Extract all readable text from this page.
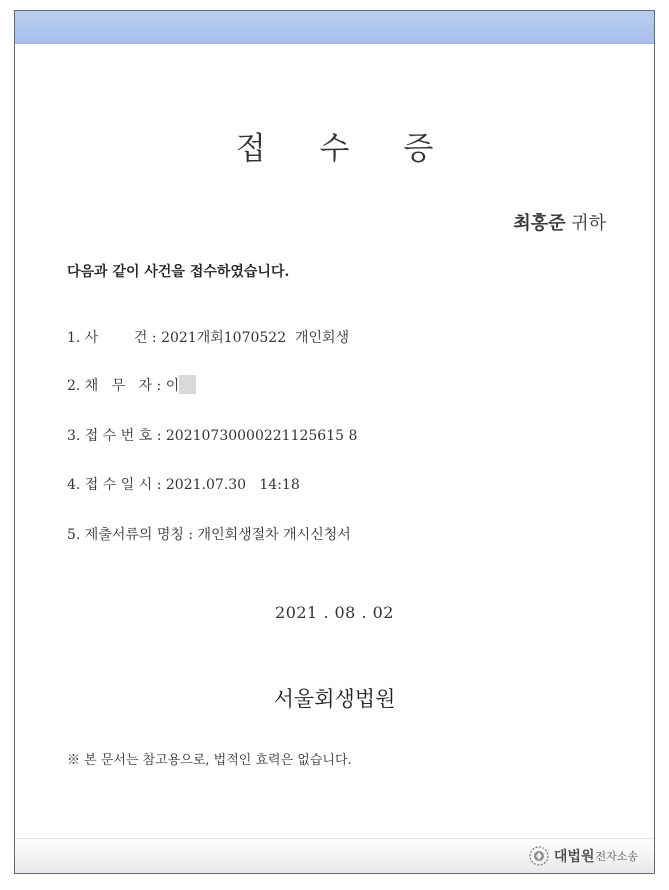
접 수 증
최홍준 귀하
다음과 같이 사건을 접수하였습니다.
1. 사        건 : 2021개회1070522  개인회생
2. 채   무   자 : 이
3. 접 수 번 호 : 20210730000221125615 8
4. 접 수 일 시 : 2021.07.30   14:18
5. 제출서류의 명칭 : 개인회생절차 개시신청서
2021 . 08 . 02
서울회생법원
※ 본 문서는 참고용으로, 법적인 효력은 없습니다.
대법원 전자소송
